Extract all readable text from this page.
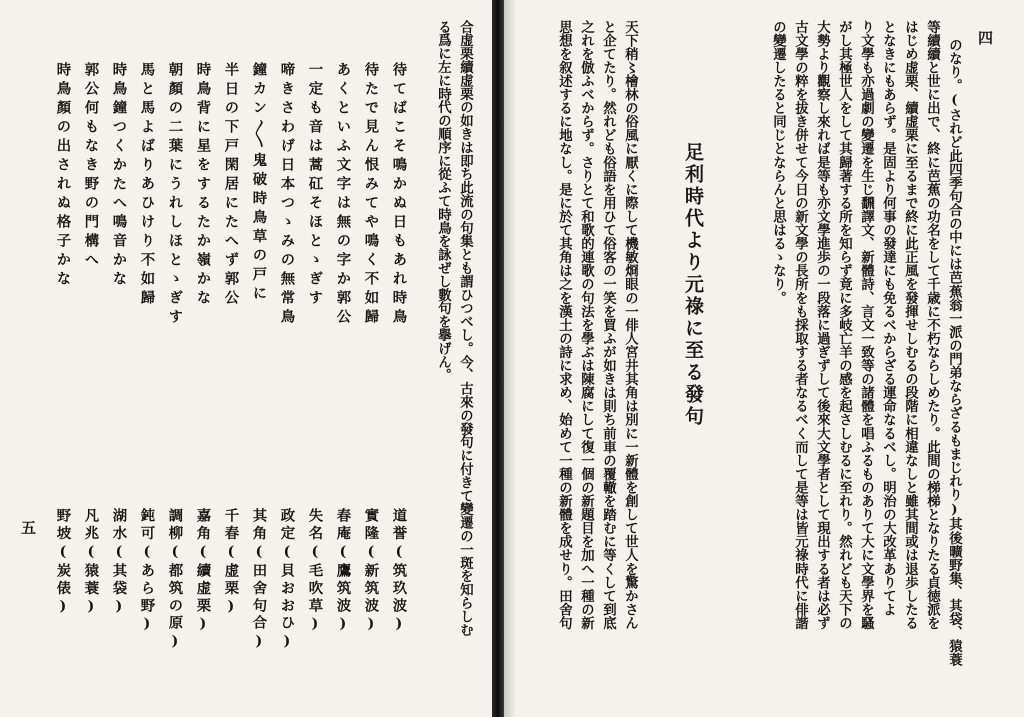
四
のなり。(されど此四季句合の中には芭蕉翁一派の門弟ならざるもまじれり)其後曠野集、其袋、猿蓑
等續續と世に出で、終に芭蕉の功名をして千歳に不朽ならしめたり。此間の梯梯となりたる貞徳派を
はじめ虚栗、續虚栗に至るまで終に此正風を發揮せしむるの段階に相違なしと雖其間或は退歩したる
となきにもあらず。是固より何事の發達にも免るべからざる運命なるべし。明治の大改革ありてよ
り文學も亦過劇の變遷を生じ飜譯文、新體詩、言文一致等の諸體を唱ふるものありて大に文學界を騷
がし其極世人をして其歸著する所を知らず竟に多岐亡羊の感を起さしむるに至れり。然れども天下の
大勢より觀察し來れば是等も亦文學進歩の一段落に過ぎずして後來大文學者として現出する者は必ず
古文學の粹を拔き併せて今日の新文學の長所をも採取する者なるべく而して是等は皆元祿時代に俳諧
の變遷したると同じとならんと思はるゝなり。
足利時代より元祿に至る發句
天下稍〻檜林の俗風に厭くに際して機敏烱眼の一俳人宮井其角は別に一新體を創して世人を驚かさん
と企てたり。然れども俗語を用ひて俗客の一笑を買ふが如きは則ち前車の覆轍を踏むに等くして到底
之れを倣ふべからず。さりとて和歌的連歌の句法を學ぶは陳腐にして復一個の新題目を加へ一種の新
思想を叙述するに地なし。是に於て其角は之を漢土の詩に求め、始めて一種の新體を成せり。田舍句
合虚栗續虚栗の如きは即ち此流の句集とも謂ひつべし。今、古來の發句に付きて變遷の一斑を知らしむ
る爲に左に時代の順序に從ふて時鳥を詠ぜし數句を擧げん。
待てばこそ鳴かぬ日もあれ時鳥
道誉(筑玖波)
待たで見ん恨みてや鳴く不如歸
實隆(新筑波)
あくといふ文字は無の字か郭公
春庵(鷹筑波)
一定も音は蒿矼そほとゝぎす
失名(毛吹草)
啼きさわげ日本つゝみの無常鳥
政定(貝おおひ)
鐘カン〳〵鬼破時鳥草の戸に
其角(田舍句合)
半日の下戸閑居にたへず郭公
千春(虚栗)
時鳥背に星をするたか嶺かな
嘉角(續虚栗)
朝顏の二葉にうれしほとゝぎす
調柳(都筑の原)
馬と馬よばりあひけり不如歸
鈍可(あら野)
時鳥鐘つくかたへ鳴音かな
湖水(其袋)
郭公何もなき野の門構へ
凡兆(猿蓑)
時鳥顏の出されぬ格子かな
野坡(炭俵)
五
